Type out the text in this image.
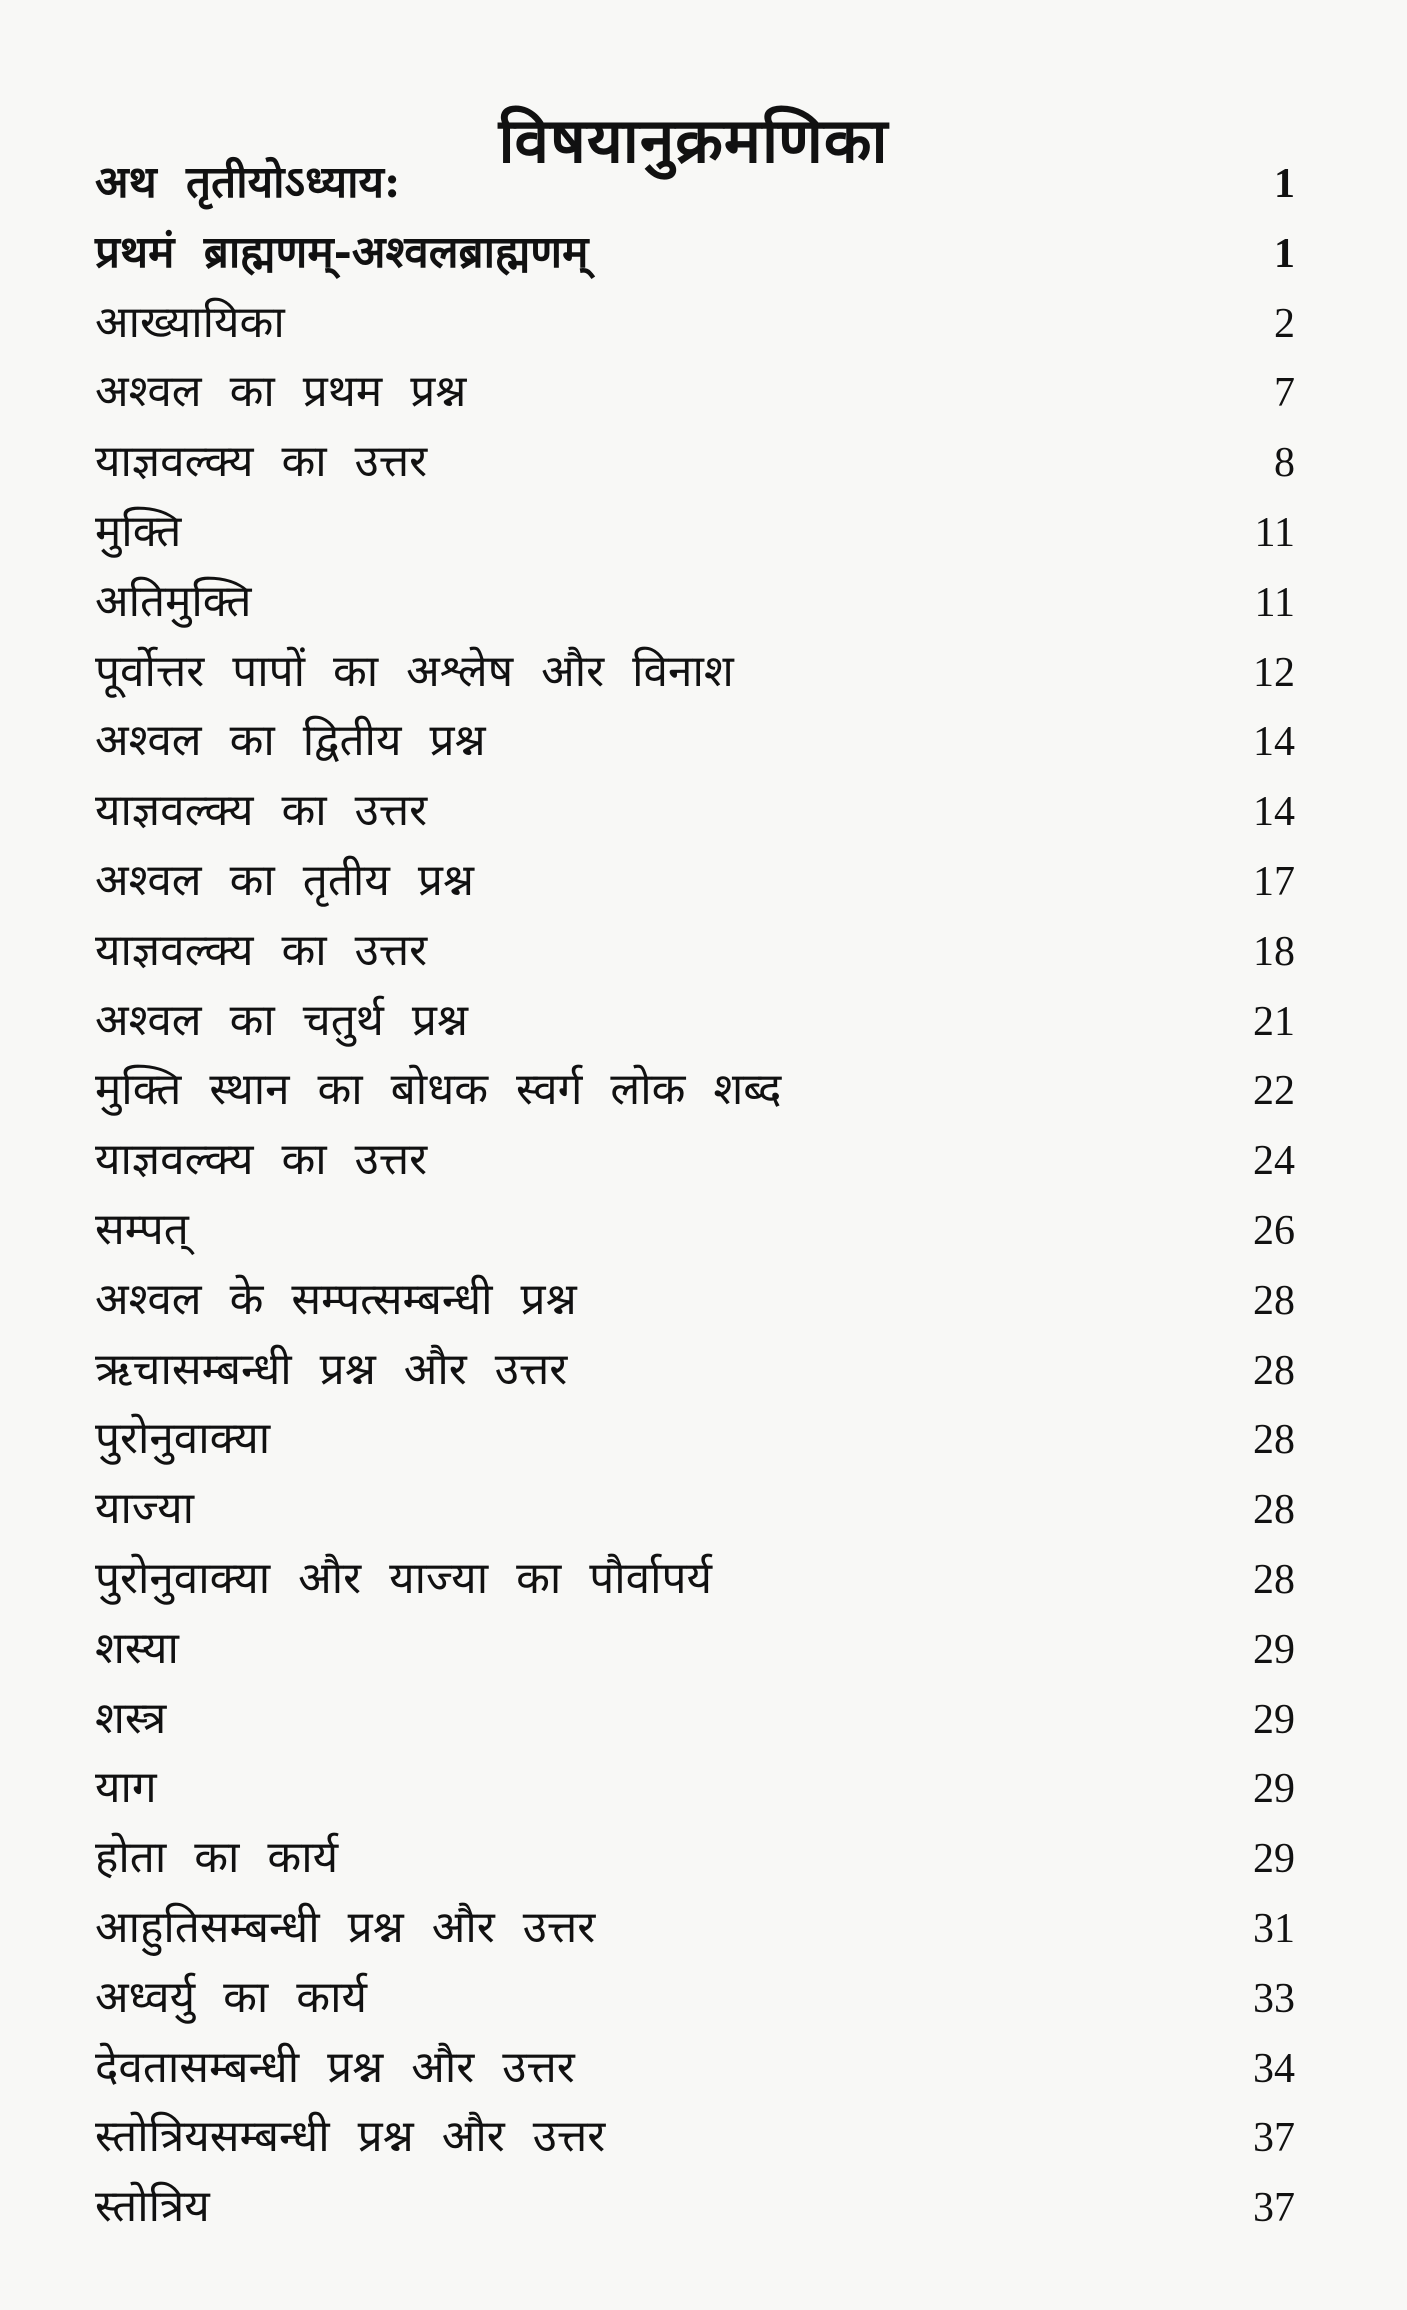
विषयानुक्रमणिका
अथ तृतीयोऽध्याय:	1
प्रथमं ब्राह्मणम्-अश्वलब्राह्मणम्	1
आख्यायिका	2
अश्वल का प्रथम प्रश्न	7
याज्ञवल्क्य का उत्तर	8
मुक्ति	11
अतिमुक्ति	11
पूर्वोत्तर पापों का अश्लेष और विनाश	12
अश्वल का द्वितीय प्रश्न	14
याज्ञवल्क्य का उत्तर	14
अश्वल का तृतीय प्रश्न	17
याज्ञवल्क्य का उत्तर	18
अश्वल का चतुर्थ प्रश्न	21
मुक्ति स्थान का बोधक स्वर्ग लोक शब्द	22
याज्ञवल्क्य का उत्तर	24
सम्पत्	26
अश्वल के सम्पत्सम्बन्धी प्रश्न	28
ऋचासम्बन्धी प्रश्न और उत्तर	28
पुरोनुवाक्या	28
याज्या	28
पुरोनुवाक्या और याज्या का पौर्वापर्य	28
शस्या	29
शस्त्र	29
याग	29
होता का कार्य	29
आहुतिसम्बन्धी प्रश्न और उत्तर	31
अध्वर्यु का कार्य	33
देवतासम्बन्धी प्रश्न और उत्तर	34
स्तोत्रियसम्बन्धी प्रश्न और उत्तर	37
स्तोत्रिय	37
